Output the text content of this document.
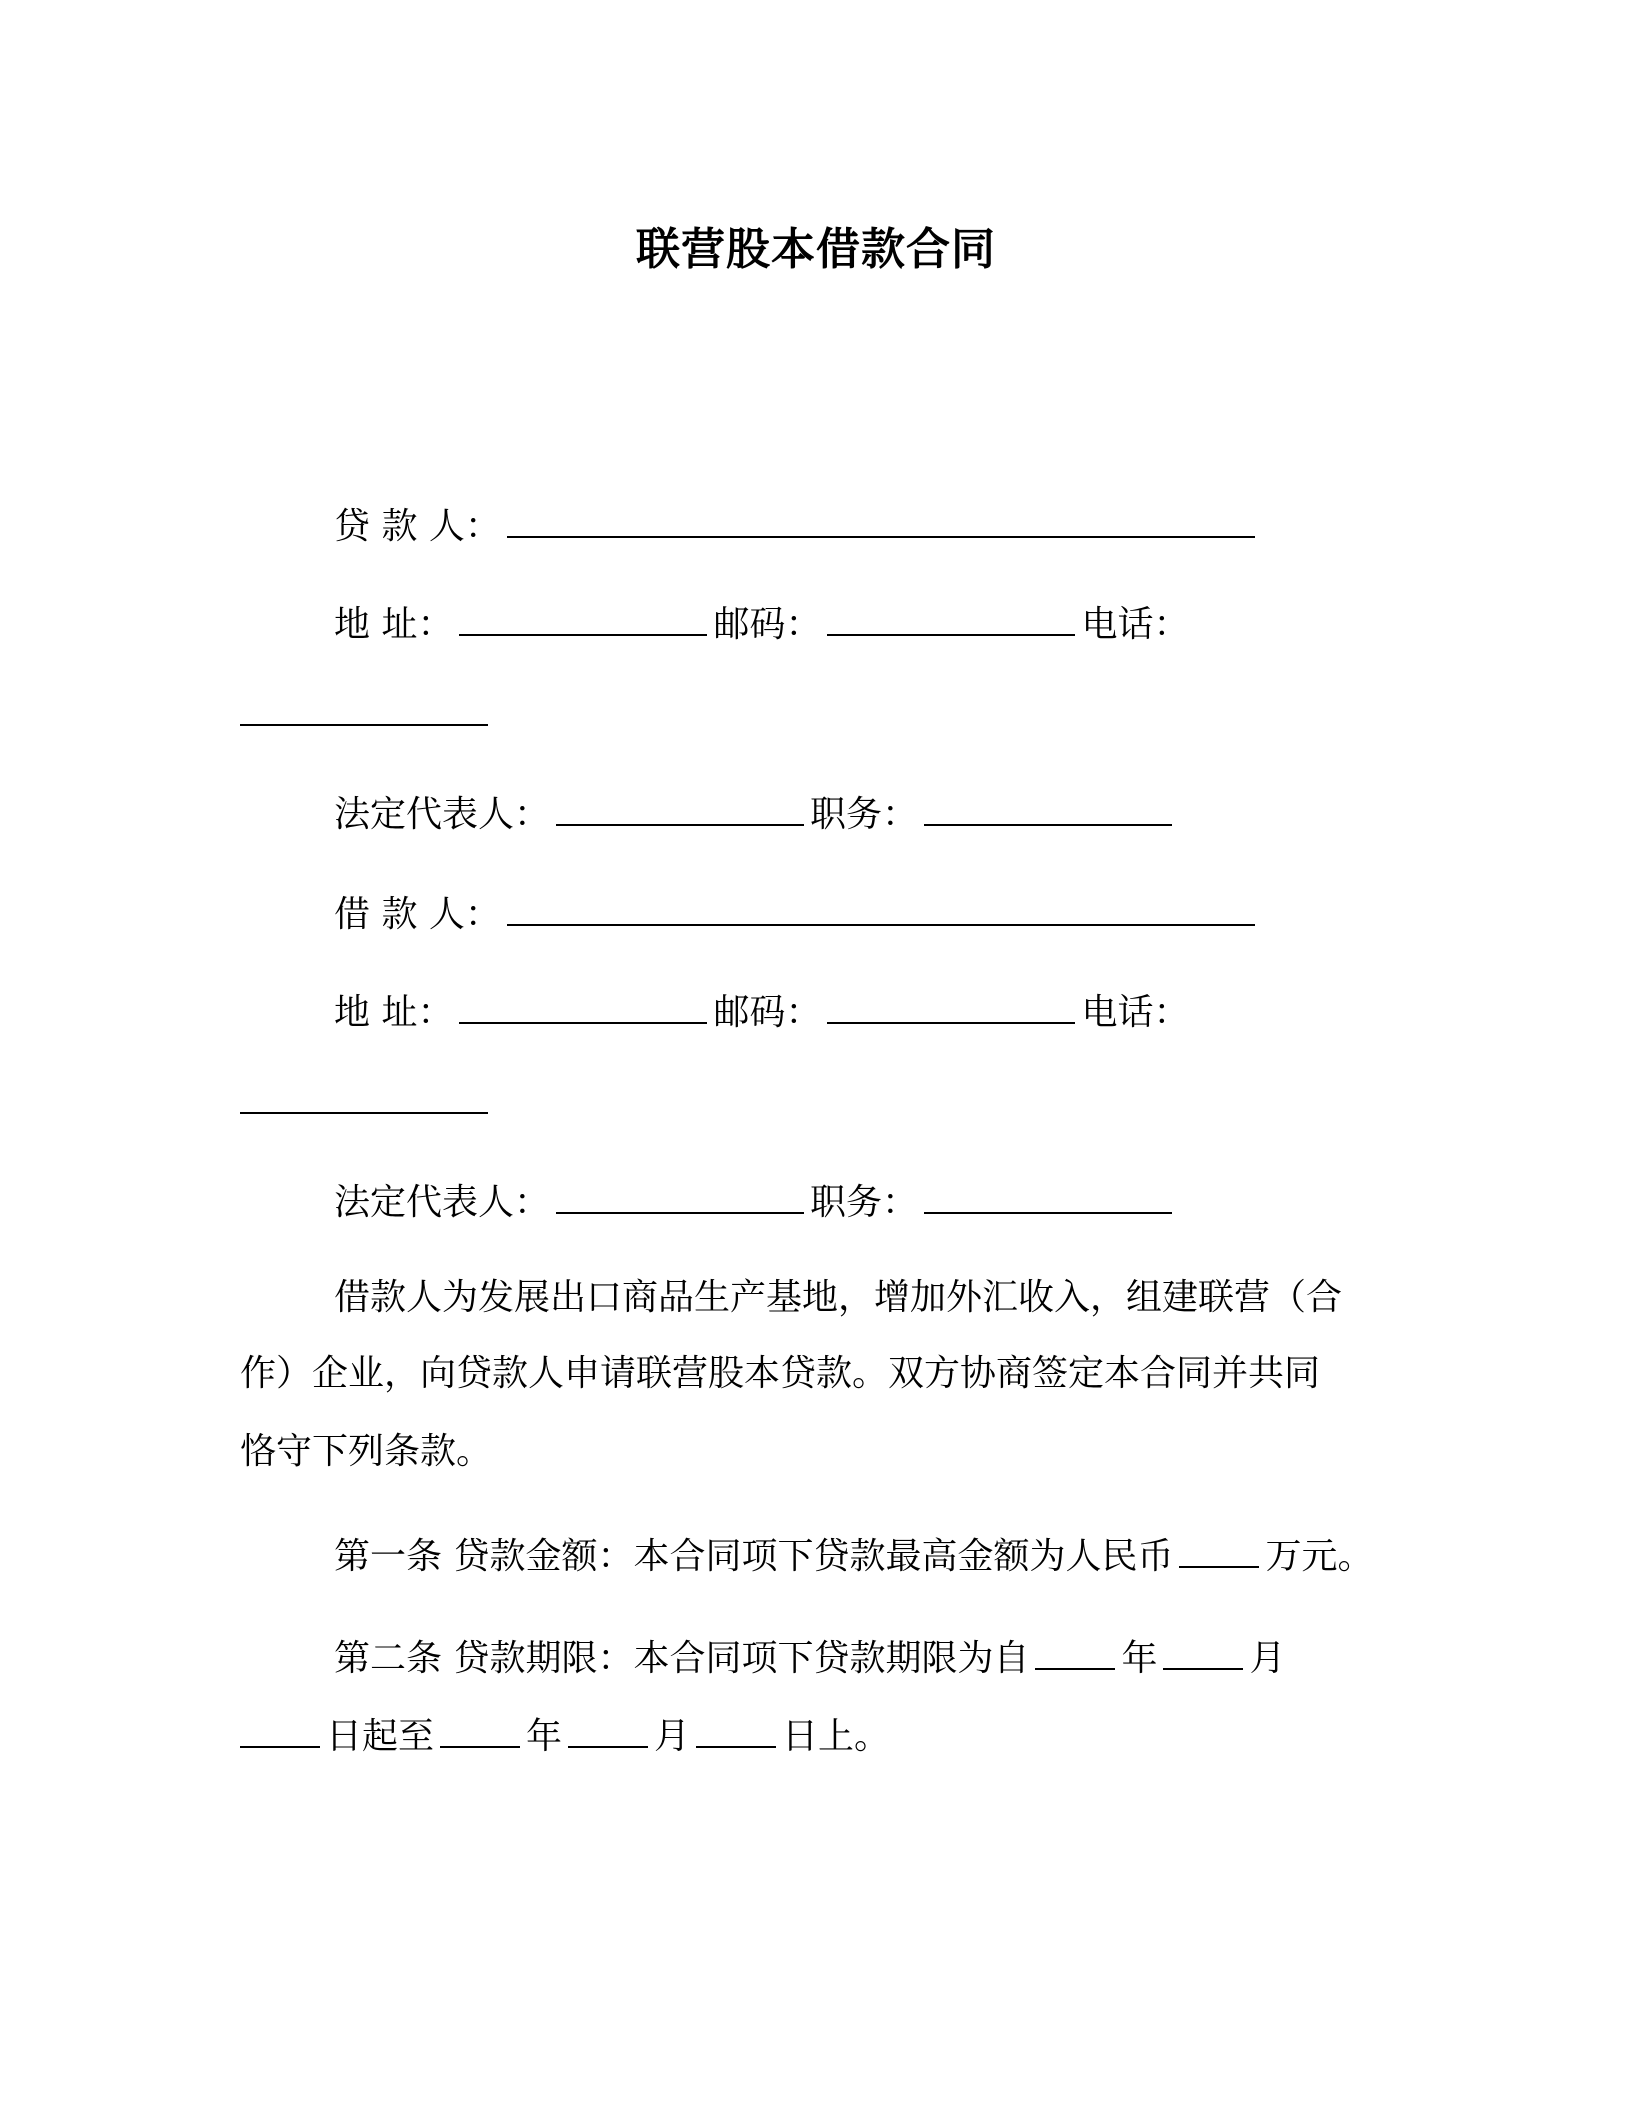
联营股本借款合同
贷 款 人：
地 址：	邮码：	电话：
法定代表人：	职务：
借 款 人：
地 址：	邮码：	电话：
法定代表人：	职务：
借款人为发展出口商品生产基地，增加外汇收入，组建联营（合
作）企业，向贷款人申请联营股本贷款。双方协商签定本合同并共同
恪守下列条款。
第一条 贷款金额：本合同项下贷款最高金额为人民币	万元。
第二条 贷款期限：本合同项下贷款期限为自	年	月
日起至	年	月	日上。
